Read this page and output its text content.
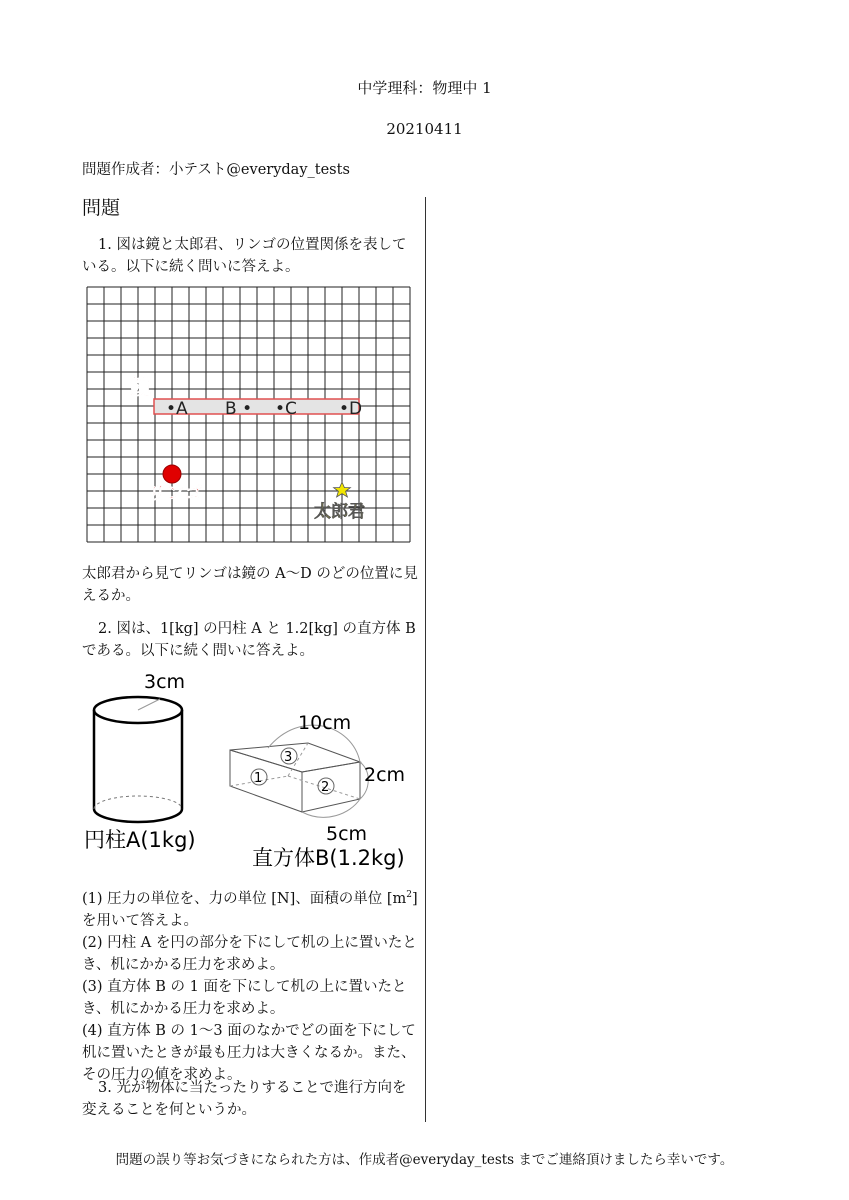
中学理科：物理中 1
20210411
問題作成者：小テスト@everyday_tests
問題
1. 図は鏡と太郎君、リンゴの位置関係を表している。以下に続く問いに答えよ。
鏡
•A B • •C •D
リンゴ
太郎君
太郎君から見てリンゴは鏡の A～D のどの位置に見えるか。
2. 図は、1[kg] の円柱 A と 1.2[kg] の直方体 B である。以下に続く問いに答えよ。
3cm
円柱A(1kg)
3
1
2
10cm
2cm
5cm
直方体B(1.2kg)
(1) 圧力の単位を、力の単位 [N]、面積の単位 $[m^2]$ を用いて答えよ。
(2) 円柱 A を円の部分を下にして机の上に置いたとき、机にかかる圧力を求めよ。
(3) 直方体 B の 1 面を下にして机の上に置いたとき、机にかかる圧力を求めよ。
(4) 直方体 B の 1～3 面のなかでどの面を下にして机に置いたときが最も圧力は大きくなるか。また、その圧力の値を求めよ。
3. 光が物体に当たったりすることで進行方向を変えることを何というか。
問題の誤り等お気づきになられた方は、作成者@everyday_tests までご連絡頂けましたら幸いです。
